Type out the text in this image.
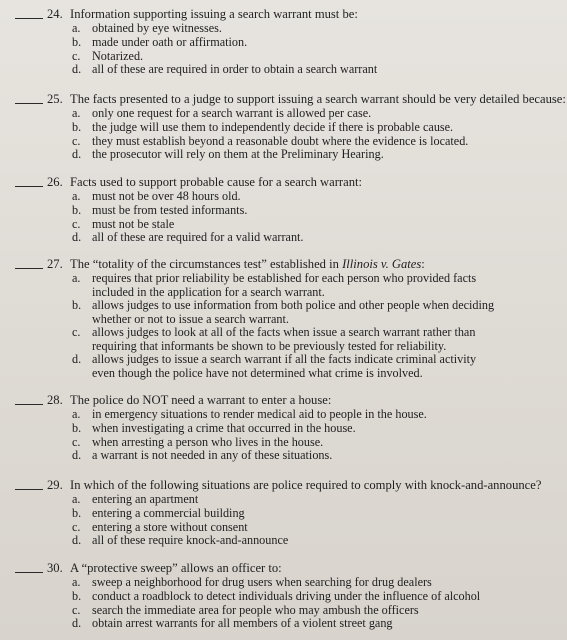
24. Information supporting issuing a search warrant must be:
a. obtained by eye witnesses.
b. made under oath or affirmation.
c. Notarized.
d. all of these are required in order to obtain a search warrant
25. The facts presented to a judge to support issuing a search warrant should be very detailed because:
a. only one request for a search warrant is allowed per case.
b. the judge will use them to independently decide if there is probable cause.
c. they must establish beyond a reasonable doubt where the evidence is located.
d. the prosecutor will rely on them at the Preliminary Hearing.
26. Facts used to support probable cause for a search warrant:
a. must not be over 48 hours old.
b. must be from tested informants.
c. must not be stale
d. all of these are required for a valid warrant.
27. The “totality of the circumstances test” established in Illinois v. Gates:
a. requires that prior reliability be established for each person who provided facts
included in the application for a search warrant.
b. allows judges to use information from both police and other people when deciding
whether or not to issue a search warrant.
c. allows judges to look at all of the facts when issue a search warrant rather than
requiring that informants be shown to be previously tested for reliability.
d. allows judges to issue a search warrant if all the facts indicate criminal activity
even though the police have not determined what crime is involved.
28. The police do NOT need a warrant to enter a house:
a. in emergency situations to render medical aid to people in the house.
b. when investigating a crime that occurred in the house.
c. when arresting a person who lives in the house.
d. a warrant is not needed in any of these situations.
29. In which of the following situations are police required to comply with knock-and-announce?
a. entering an apartment
b. entering a commercial building
c. entering a store without consent
d. all of these require knock-and-announce
30. A “protective sweep” allows an officer to:
a. sweep a neighborhood for drug users when searching for drug dealers
b. conduct a roadblock to detect individuals driving under the influence of alcohol
c. search the immediate area for people who may ambush the officers
d. obtain arrest warrants for all members of a violent street gang
